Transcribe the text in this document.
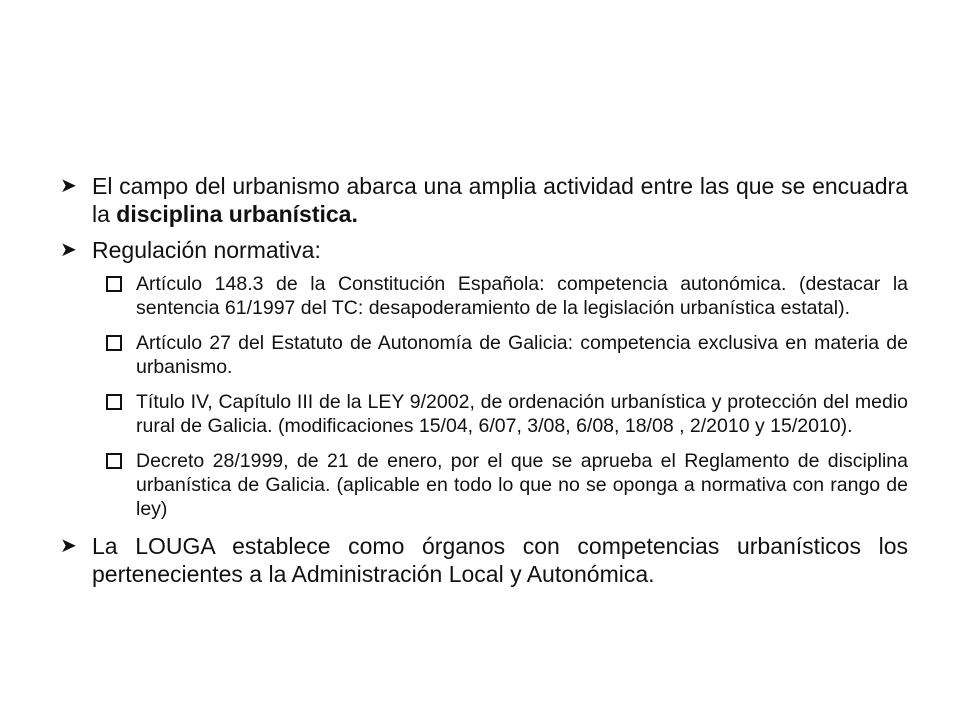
➤ El campo del urbanismo abarca una amplia actividad entre las que se encuadra la disciplina urbanística.
➤ Regulación normativa:
Artículo 148.3 de la Constitución Española: competencia autonómica. (destacar la sentencia 61/1997 del TC: desapoderamiento de la legislación urbanística estatal).
Artículo 27 del Estatuto de Autonomía de Galicia: competencia exclusiva en materia de urbanismo.
Título IV, Capítulo III de la LEY 9/2002, de ordenación urbanística y protección del medio rural de Galicia. (modificaciones 15/04, 6/07, 3/08, 6/08, 18/08 , 2/2010 y 15/2010).
Decreto 28/1999, de 21 de enero, por el que se aprueba el Reglamento de disciplina urbanística de Galicia. (aplicable en todo lo que no se oponga a normativa con rango de ley)
➤ La LOUGA establece como órganos con competencias urbanísticos los pertenecientes a la Administración Local y Autonómica.
